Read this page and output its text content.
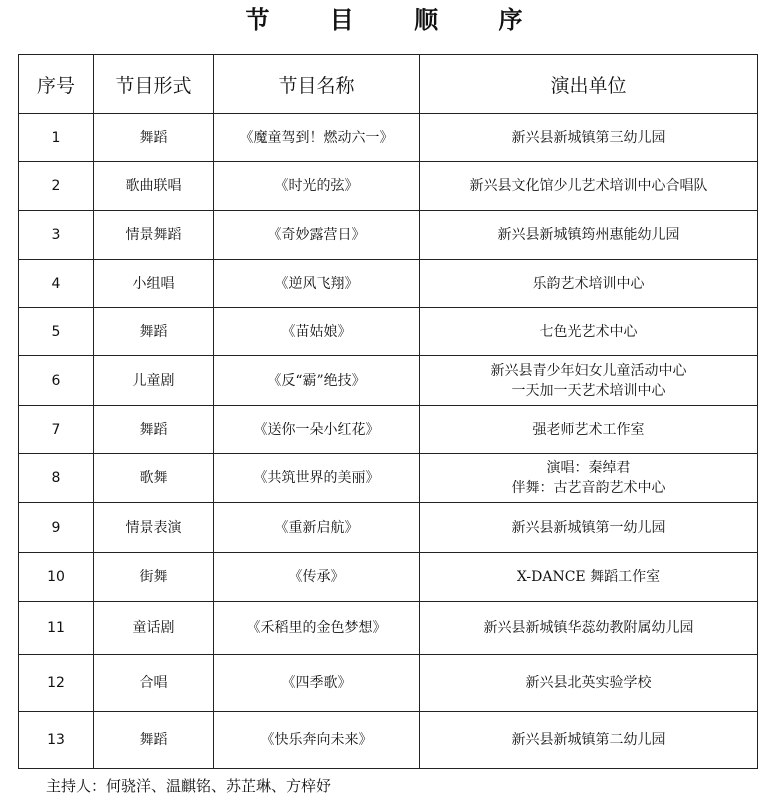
节 目 顺 序
序号	节目形式	节目名称	演出单位
1	舞蹈	《魔童驾到！燃动六一》	新兴县新城镇第三幼儿园
2	歌曲联唱	《时光的弦》	新兴县文化馆少儿艺术培训中心合唱队
3	情景舞蹈	《奇妙露营日》	新兴县新城镇筠州惠能幼儿园
4	小组唱	《逆风飞翔》	乐韵艺术培训中心
5	舞蹈	《苗姑娘》	七色光艺术中心
6	儿童剧	《反“霸”绝技》	新兴县青少年妇女儿童活动中心
一天加一天艺术培训中心
7	舞蹈	《送你一朵小红花》	强老师艺术工作室
8	歌舞	《共筑世界的美丽》	演唱：秦绰君
伴舞：古艺音韵艺术中心
9	情景表演	《重新启航》	新兴县新城镇第一幼儿园
10	街舞	《传承》	X-DANCE 舞蹈工作室
11	童话剧	《禾稻里的金色梦想》	新兴县新城镇华蕊幼教附属幼儿园
12	合唱	《四季歌》	新兴县北英实验学校
13	舞蹈	《快乐奔向未来》	新兴县新城镇第二幼儿园
主持人：何骁洋、温麒铭、苏芷琳、方梓妤
